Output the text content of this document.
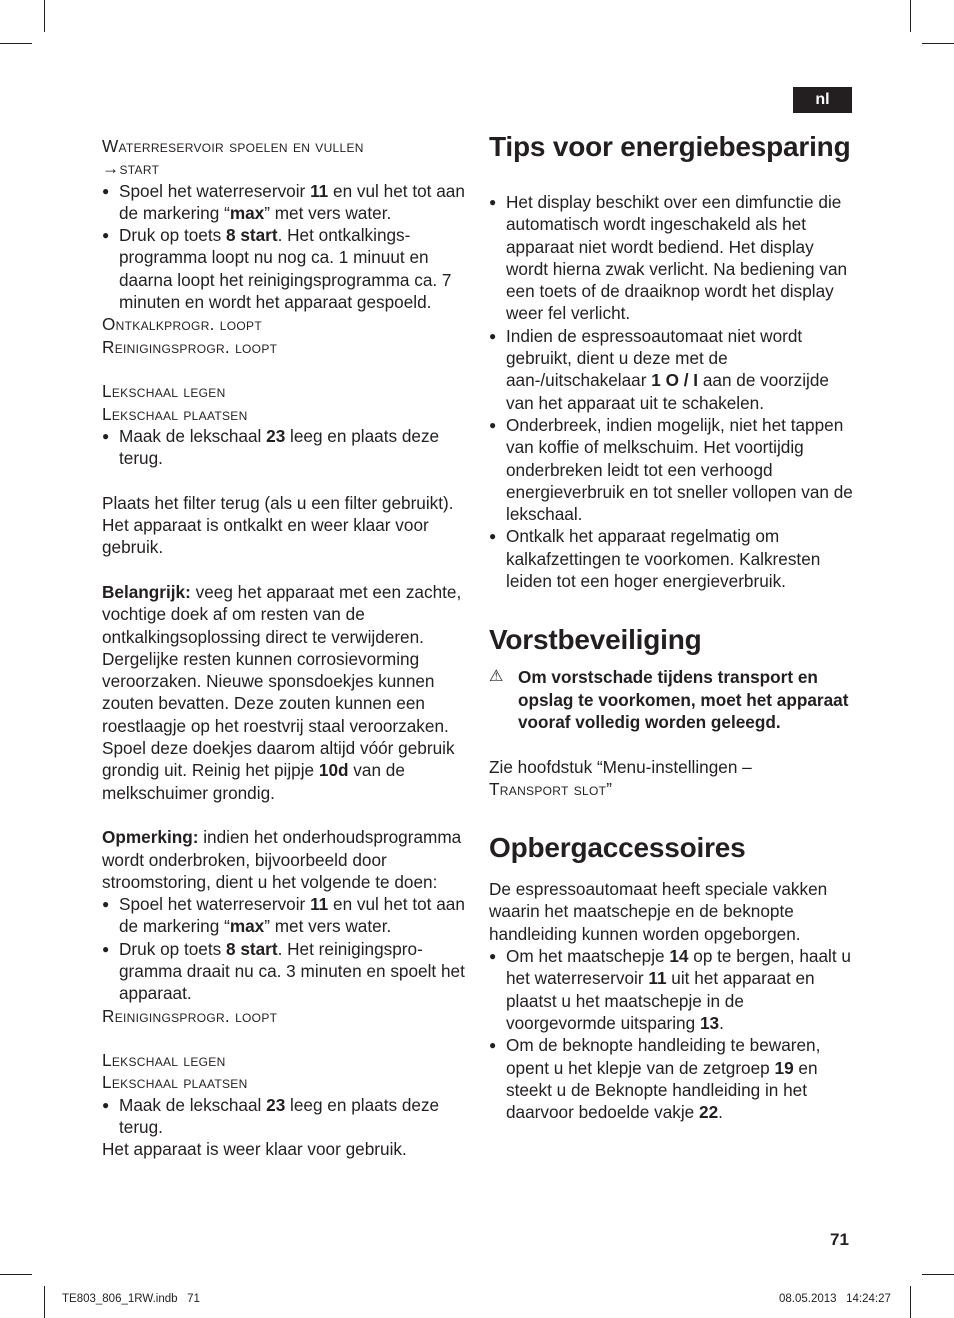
nl

Waterreservoir spoelen en vullen

→start

● Spoel het waterreservoir 11 en vul het tot aan de markering “max” met vers water.

● Druk op toets 8 start. Het ontkalkingsprogramma loopt nu nog ca. 1 minuut en daarna loopt het reinigingsprogramma ca. 7 minuten en wordt het apparaat gespoeld.

Ontkalkprogr. loopt

Reinigingsprogr. loopt

Lekschaal legen

Lekschaal plaatsen

● Maak de lekschaal 23 leeg en plaats deze terug.

Plaats het filter terug (als u een filter gebruikt). Het apparaat is ontkalkt en weer klaar voor gebruik.

Belangrijk: veeg het apparaat met een zachte, vochtige doek af om resten van de ontkalkingsoplossing direct te verwijderen. Dergelijke resten kunnen corrosievorming veroorzaken. Nieuwe sponsdoekjes kunnen zouten bevatten. Deze zouten kunnen een roestlaagje op het roestvrij staal veroorzaken. Spoel deze doekjes daarom altijd vóór gebruik grondig uit. Reinig het pijpje 10d van de melkschuimer grondig.

Opmerking: indien het onderhoudsprogramma wordt onderbroken, bijvoorbeeld door stroomstoring, dient u het volgende te doen:

● Spoel het waterreservoir 11 en vul het tot aan de markering “max” met vers water.

● Druk op toets 8 start. Het reinigingsprogramma draait nu ca. 3 minuten en spoelt het apparaat.

Reinigingsprogr. loopt

Lekschaal legen

Lekschaal plaatsen

● Maak de lekschaal 23 leeg en plaats deze terug.

Het apparaat is weer klaar voor gebruik.

Tips voor energiebesparing

● Het display beschikt over een dimfunctie die automatisch wordt ingeschakeld als het apparaat niet wordt bediend. Het display wordt hierna zwak verlicht. Na bediening van een toets of de draaiknop wordt het display weer fel verlicht.

● Indien de espressoautomaat niet wordt gebruikt, dient u deze met de aan-/uitschakelaar 1 O / I aan de voorzijde van het apparaat uit te schakelen.

● Onderbreek, indien mogelijk, niet het tappen van koffie of melkschuim. Het voortijdig onderbreken leidt tot een verhoogd energieverbruik en tot sneller vollopen van de lekschaal.

● Ontkalk het apparaat regelmatig om kalkafzettingen te voorkomen. Kalkresten leiden tot een hoger energieverbruik.

Vorstbeveiliging

⚠ Om vorstschade tijdens transport en opslag te voorkomen, moet het apparaat vooraf volledig worden geleegd.

Zie hoofdstuk “Menu-instellingen –

Transport slot”

Opbergaccessoires

De espressoautomaat heeft speciale vakken waarin het maatschepje en de beknopte handleiding kunnen worden opgeborgen.

● Om het maatschepje 14 op te bergen, haalt u het waterreservoir 11 uit het apparaat en plaatst u het maatschepje in de voorgevormde uitsparing 13.

● Om de beknopte handleiding te bewaren, opent u het klepje van de zetgroep 19 en steekt u de Beknopte handleiding in het daarvoor bedoelde vakje 22.

71
TE803_806_1RW.indb   71	08.05.2013   14:24:27
